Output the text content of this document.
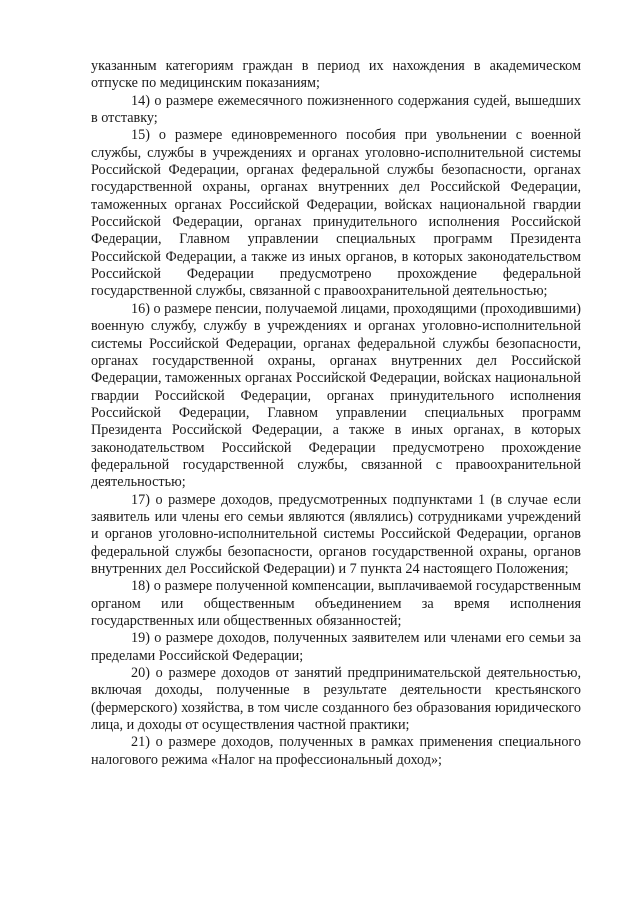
указанным категориям граждан в период их нахождения в академическом отпуске по медицинским показаниям;

14) о размере ежемесячного пожизненного содержания судей, вышедших в отставку;

15) о размере единовременного пособия при увольнении с военной службы, службы в учреждениях и органах уголовно-исполнительной системы Российской Федерации, органах федеральной службы безопасности, органах государственной охраны, органах внутренних дел Российской Федерации, таможенных органах Российской Федерации, войсках национальной гвардии Российской Федерации, органах принудительного исполнения Российской Федерации, Главном управлении специальных программ Президента Российской Федерации, а также из иных органов, в которых законодательством Российской Федерации предусмотрено прохождение федеральной государственной службы, связанной с правоохранительной деятельностью;

16) о размере пенсии, получаемой лицами, проходящими (проходившими) военную службу, службу в учреждениях и органах уголовно-исполнительной системы Российской Федерации, органах федеральной службы безопасности, органах государственной охраны, органах внутренних дел Российской Федерации, таможенных органах Российской Федерации, войсках национальной гвардии Российской Федерации, органах принудительного исполнения Российской Федерации, Главном управлении специальных программ Президента Российской Федерации, а также в иных органах, в которых законодательством Российской Федерации предусмотрено прохождение федеральной государственной службы, связанной с правоохранительной деятельностью;

17) о размере доходов, предусмотренных подпунктами 1 (в случае если заявитель или члены его семьи являются (являлись) сотрудниками учреждений и органов уголовно-исполнительной системы Российской Федерации, органов федеральной службы безопасности, органов государственной охраны, органов внутренних дел Российской Федерации) и 7 пункта 24 настоящего Положения;

18) о размере полученной компенсации, выплачиваемой государственным органом или общественным объединением за время исполнения государственных или общественных обязанностей;

19) о размере доходов, полученных заявителем или членами его семьи за пределами Российской Федерации;

20) о размере доходов от занятий предпринимательской деятельностью, включая доходы, полученные в результате деятельности крестьянского (фермерского) хозяйства, в том числе созданного без образования юридического лица, и доходы от осуществления частной практики;

21) о размере доходов, полученных в рамках применения специального налогового режима «Налог на профессиональный доход»;
